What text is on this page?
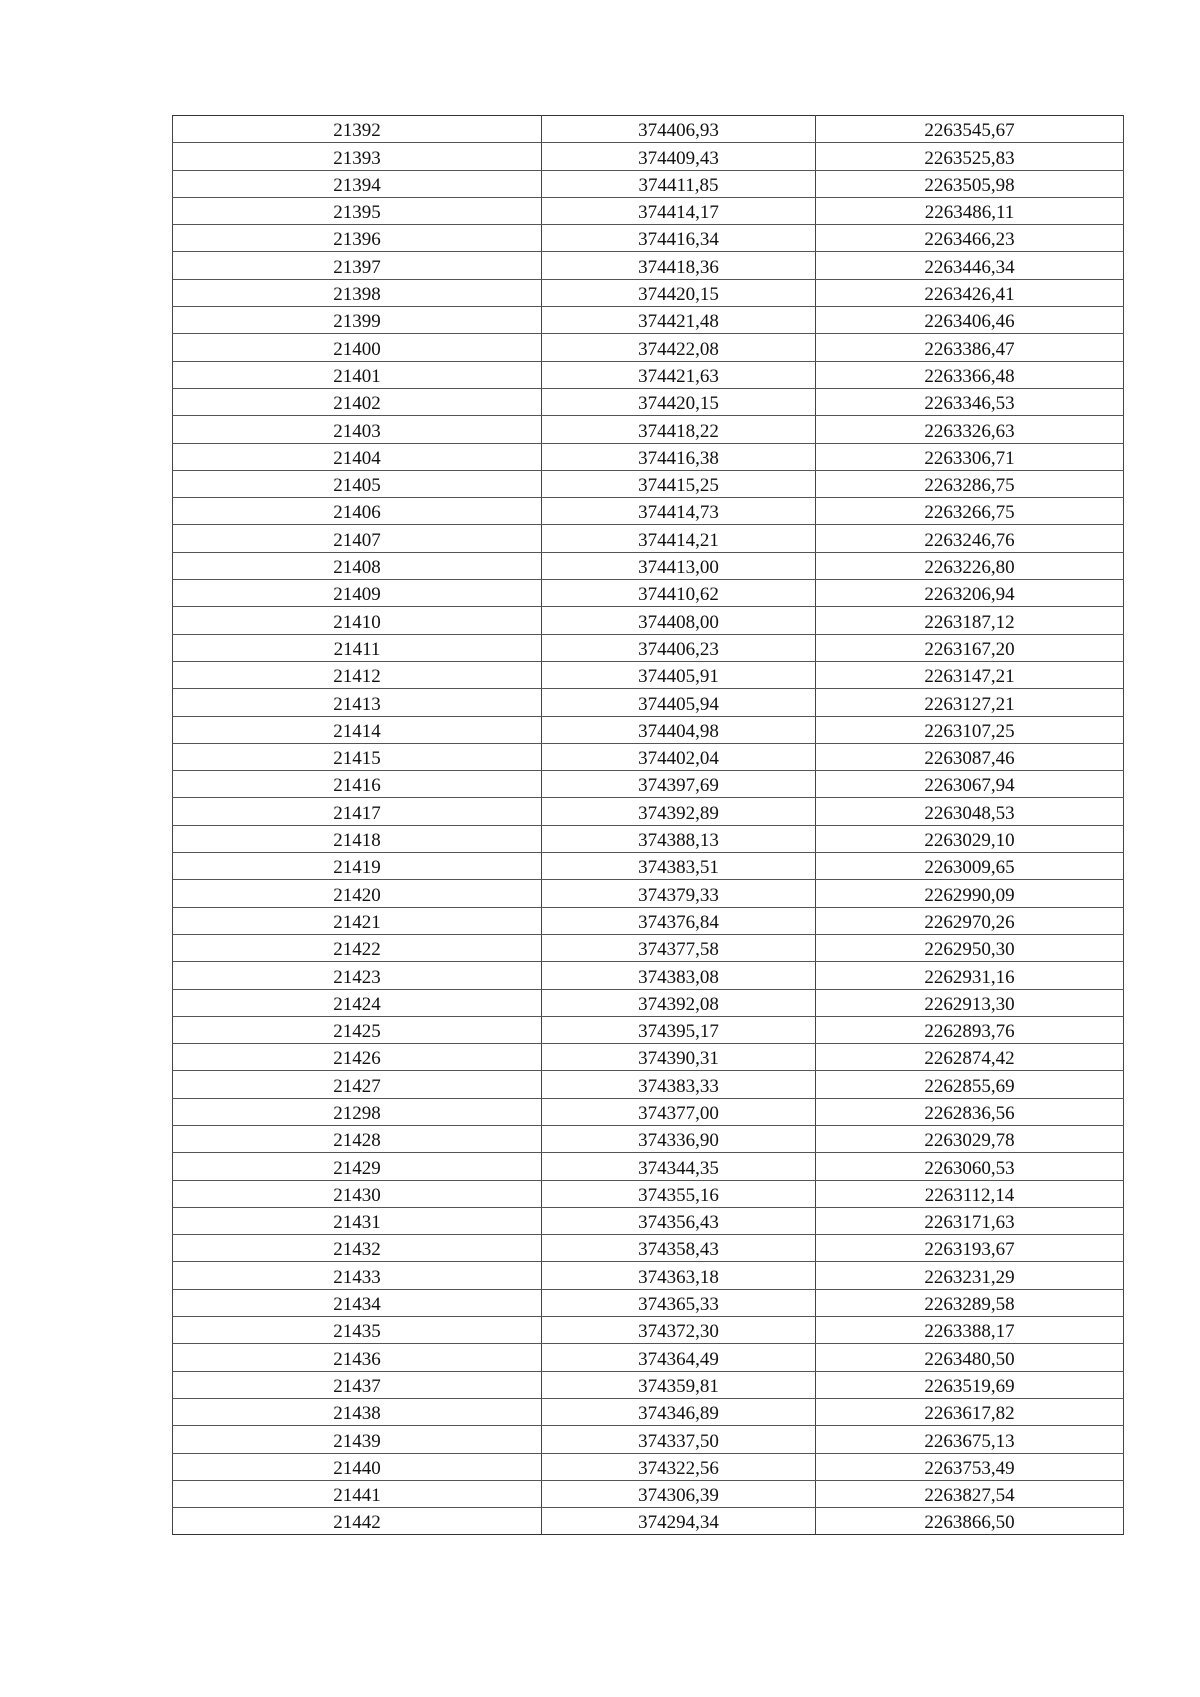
21392	374406,93	2263545,67
21393	374409,43	2263525,83
21394	374411,85	2263505,98
21395	374414,17	2263486,11
21396	374416,34	2263466,23
21397	374418,36	2263446,34
21398	374420,15	2263426,41
21399	374421,48	2263406,46
21400	374422,08	2263386,47
21401	374421,63	2263366,48
21402	374420,15	2263346,53
21403	374418,22	2263326,63
21404	374416,38	2263306,71
21405	374415,25	2263286,75
21406	374414,73	2263266,75
21407	374414,21	2263246,76
21408	374413,00	2263226,80
21409	374410,62	2263206,94
21410	374408,00	2263187,12
21411	374406,23	2263167,20
21412	374405,91	2263147,21
21413	374405,94	2263127,21
21414	374404,98	2263107,25
21415	374402,04	2263087,46
21416	374397,69	2263067,94
21417	374392,89	2263048,53
21418	374388,13	2263029,10
21419	374383,51	2263009,65
21420	374379,33	2262990,09
21421	374376,84	2262970,26
21422	374377,58	2262950,30
21423	374383,08	2262931,16
21424	374392,08	2262913,30
21425	374395,17	2262893,76
21426	374390,31	2262874,42
21427	374383,33	2262855,69
21298	374377,00	2262836,56
21428	374336,90	2263029,78
21429	374344,35	2263060,53
21430	374355,16	2263112,14
21431	374356,43	2263171,63
21432	374358,43	2263193,67
21433	374363,18	2263231,29
21434	374365,33	2263289,58
21435	374372,30	2263388,17
21436	374364,49	2263480,50
21437	374359,81	2263519,69
21438	374346,89	2263617,82
21439	374337,50	2263675,13
21440	374322,56	2263753,49
21441	374306,39	2263827,54
21442	374294,34	2263866,50
